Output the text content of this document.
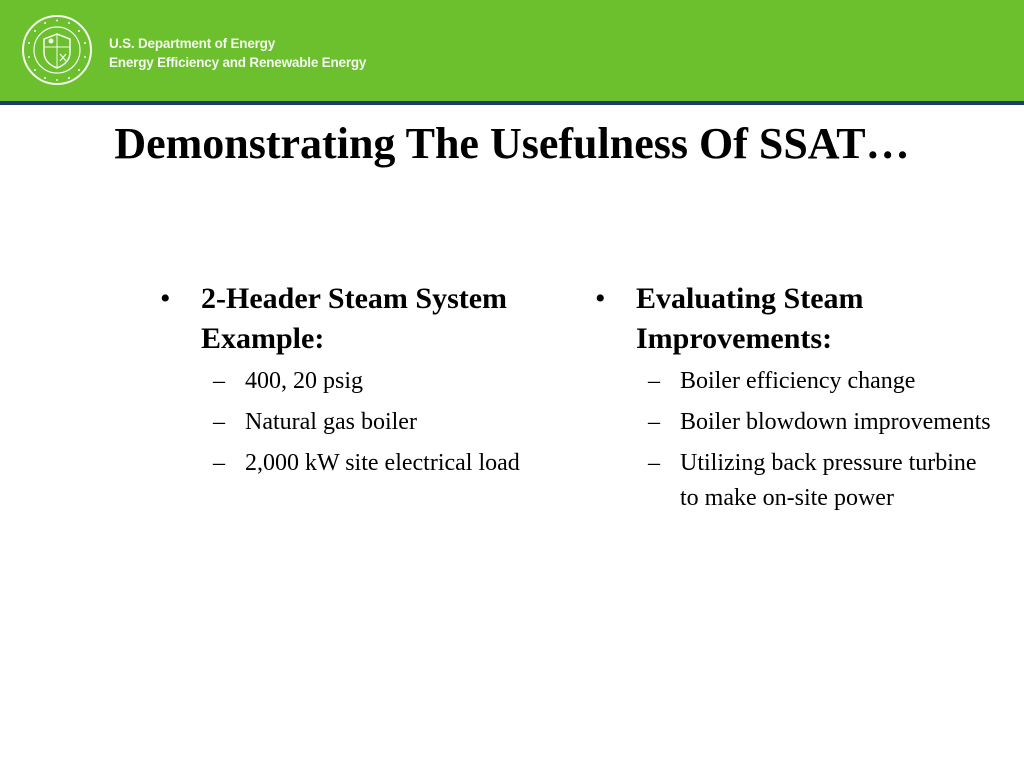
U.S. Department of Energy
Energy Efficiency and Renewable Energy
Demonstrating The Usefulness Of SSAT…
•	2-Header Steam System Example:
– 400, 20 psig
– Natural gas boiler
– 2,000 kW site electrical load
•	Evaluating Steam Improvements:
– Boiler efficiency change
– Boiler blowdown improvements
– Utilizing back pressure turbine to make on-site power
